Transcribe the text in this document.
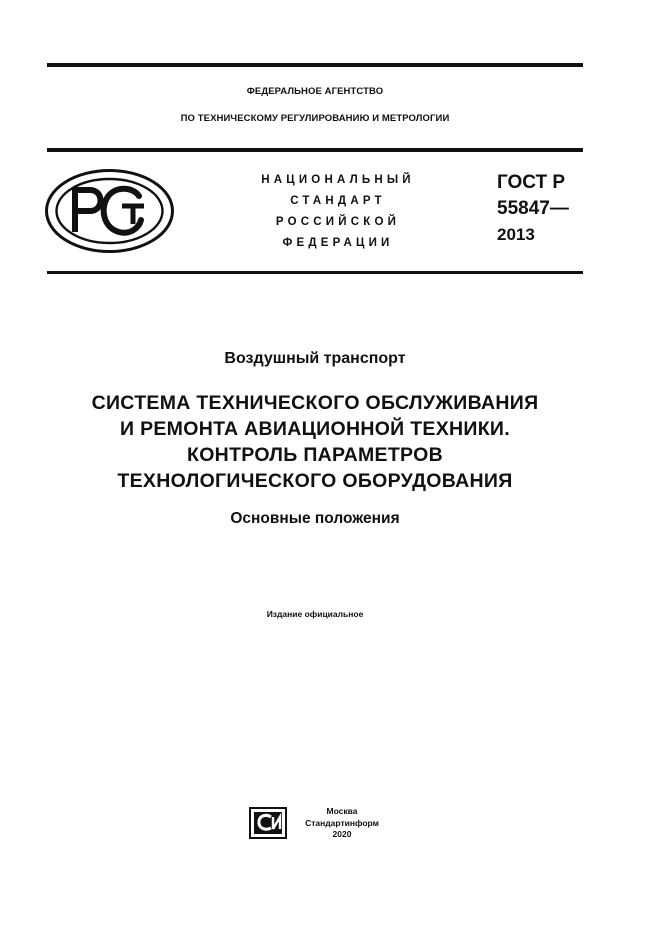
ФЕДЕРАЛЬНОЕ АГЕНТСТВО
ПО ТЕХНИЧЕСКОМУ РЕГУЛИРОВАНИЮ И МЕТРОЛОГИИ
НАЦИОНАЛЬНЫЙ
СТАНДАРТ
РОССИЙСКОЙ
ФЕДЕРАЦИИ
ГОСТ Р
55847—
2013
Воздушный транспорт
СИСТЕМА ТЕХНИЧЕСКОГО ОБСЛУЖИВАНИЯ
И РЕМОНТА АВИАЦИОННОЙ ТЕХНИКИ.
КОНТРОЛЬ ПАРАМЕТРОВ
ТЕХНОЛОГИЧЕСКОГО ОБОРУДОВАНИЯ
Основные положения
Издание официальное
Москва
Стандартинформ
2020
